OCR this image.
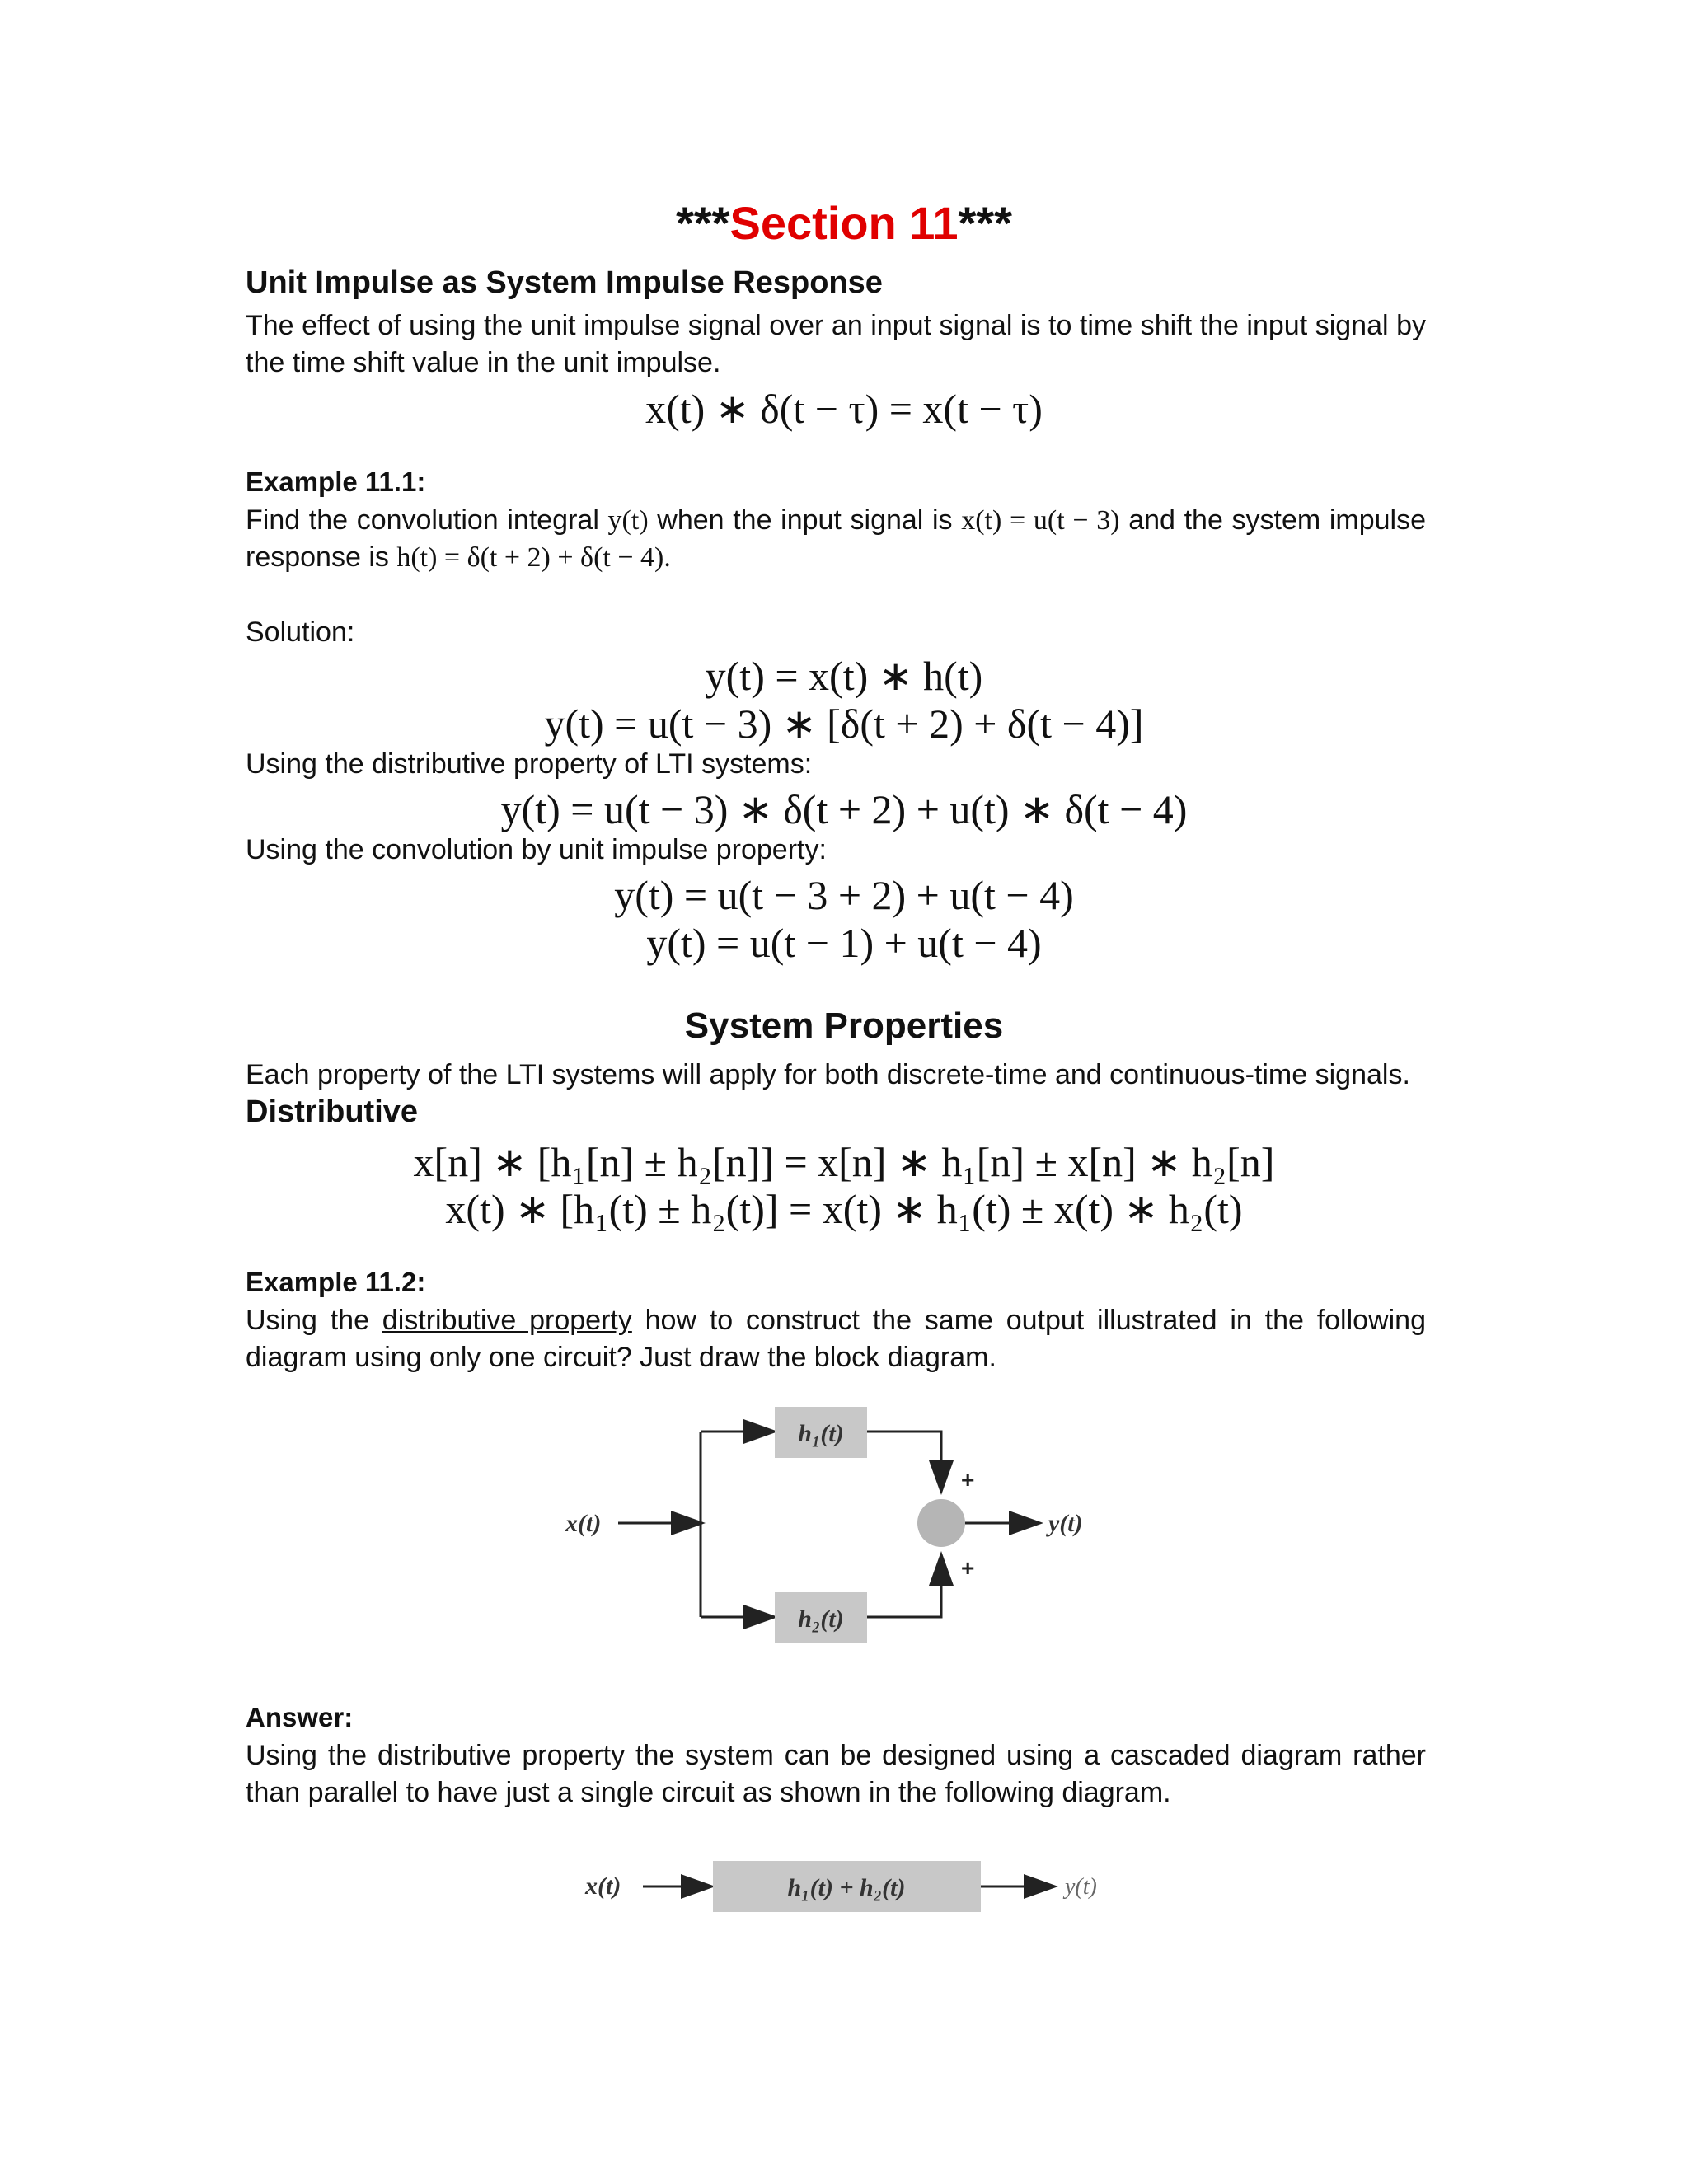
***Section 11***
Unit Impulse as System Impulse Response
The effect of using the unit impulse signal over an input signal is to time shift the input signal by the time shift value in the unit impulse.
x(t) ∗ δ(t − τ) = x(t − τ)
Example 11.1:
Find the convolution integral y(t) when the input signal is x(t) = u(t − 3) and the system impulse response is h(t) = δ(t + 2) + δ(t − 4).
Solution:
y(t) = x(t) ∗ h(t)
y(t) = u(t − 3) ∗ [δ(t + 2) + δ(t − 4)]
Using the distributive property of LTI systems:
y(t) = u(t − 3) ∗ δ(t + 2) + u(t) ∗ δ(t − 4)
Using the convolution by unit impulse property:
y(t) = u(t − 3 + 2) + u(t − 4)
y(t) = u(t − 1) + u(t − 4)
System Properties
Each property of the LTI systems will apply for both discrete-time and continuous-time signals.
Distributive
x[n] ∗ [h₁[n] ± h₂[n]] = x[n] ∗ h₁[n] ± x[n] ∗ h₂[n]
x(t) ∗ [h₁(t) ± h₂(t)] = x(t) ∗ h₁(t) ± x(t) ∗ h₂(t)
Example 11.2:
Using the distributive property how to construct the same output illustrated in the following diagram using only one circuit? Just draw the block diagram.
x(t)
h₁(t)
h₂(t)
+
+
y(t)
Answer:
Using the distributive property the system can be designed using a cascaded diagram rather than parallel to have just a single circuit as shown in the following diagram.
x(t)	h₁(t) + h₂(t)	y(t)
